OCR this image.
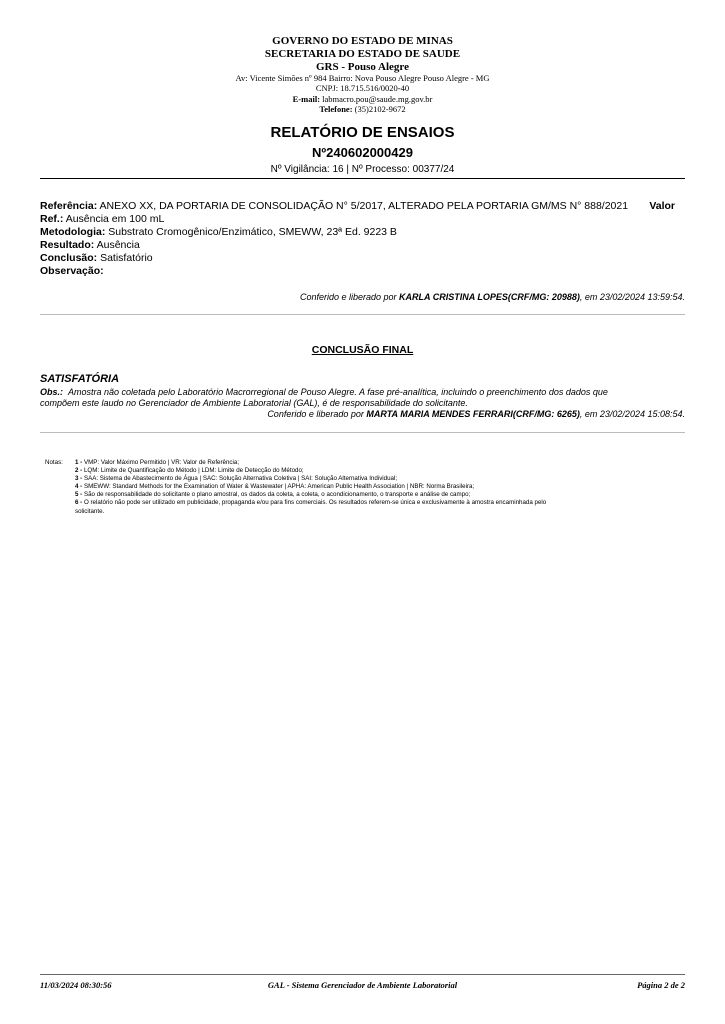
GOVERNO DO ESTADO DE MINAS
SECRETARIA DO ESTADO DE SAUDE
GRS - Pouso Alegre
Av: Vicente Simões nº 984 Bairro: Nova Pouso Alegre Pouso Alegre - MG
CNPJ: 18.715.516/0020-40
E-mail: labmacro.pou@saude.mg.gov.br
Telefone: (35)2102-9672
RELATÓRIO DE ENSAIOS
Nº240602000429
Nº Vigilância: 16 | Nº Processo: 00377/24
Referência: ANEXO XX, DA PORTARIA DE CONSOLIDAÇÃO N° 5/2017, ALTERADO PELA PORTARIA GM/MS N° 888/2021 Valor
Ref.: Ausência em 100 mL
Metodologia: Substrato Cromogênico/Enzimático, SMEWW, 23ª Ed. 9223 B
Resultado: Ausência
Conclusão: Satisfatório
Observação:
Conferido e liberado por KARLA CRISTINA LOPES(CRF/MG: 20988), em 23/02/2024 13:59:54.
CONCLUSÃO FINAL
SATISFATÓRIA
Obs.: Amostra não coletada pelo Laboratório Macrorregional de Pouso Alegre. A fase pré-analítica, incluindo o preenchimento dos dados que
compõem este laudo no Gerenciador de Ambiente Laboratorial (GAL), é de responsabilidade do solicitante.
Conferido e liberado por MARTA MARIA MENDES FERRARI(CRF/MG: 6265), em 23/02/2024 15:08:54.
Notas: 1 - VMP: Valor Máximo Permitido | VR: Valor de Referência;
2 - LQM: Limite de Quantificação do Método | LDM: Limite de Detecção do Método;
3 - SAA: Sistema de Abastecimento de Água | SAC: Solução Alternativa Coletiva | SAI: Solução Alternativa Individual;
4 - SMEWW: Standard Methods for the Examination of Water & Wastewater | APHA: American Public Health Association | NBR: Norma Brasileira;
5 - São de responsabilidade do solicitante o plano amostral, os dados da coleta, a coleta, o acondicionamento, o transporte e análise de campo;
6 - O relatório não pode ser utilizado em publicidade, propaganda e/ou para fins comerciais. Os resultados referem-se única e exclusivamente à amostra encaminhada pelo
solicitante.
11/03/2024 08:30:56	GAL - Sistema Gerenciador de Ambiente Laboratorial	Página 2 de 2
